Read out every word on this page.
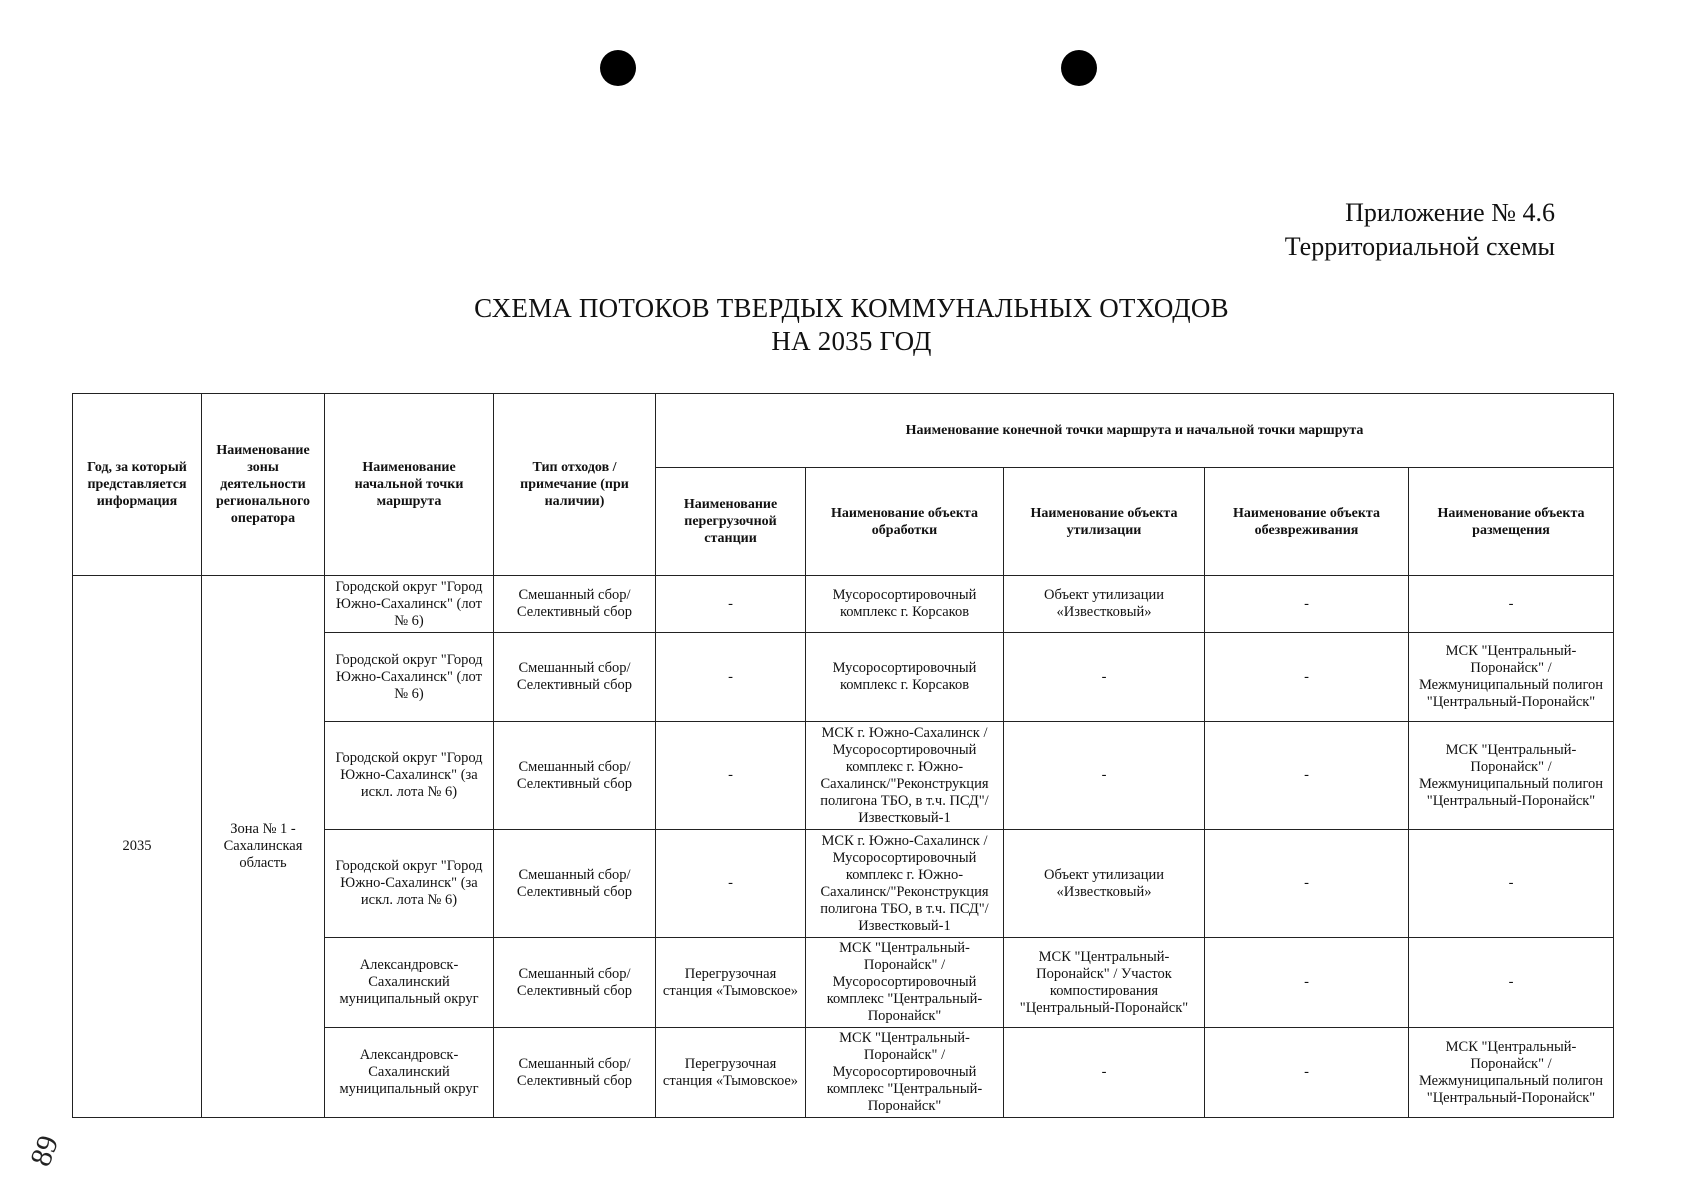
Приложение № 4.6
Территориальной схемы
СХЕМА ПОТОКОВ ТВЕРДЫХ КОММУНАЛЬНЫХ ОТХОДОВ
НА 2035 ГОД
Год, за который представляется информация	Наименование зоны деятельности регионального оператора	Наименование начальной точки маршрута	Тип отходов / примечание (при наличии)	Наименование конечной точки маршрута и начальной точки маршрута				
				Наименование перегрузочной станции	Наименование объекта обработки	Наименование объекта утилизации	Наименование объекта обезвреживания	Наименование объекта размещения
2035	Зона № 1 - Сахалинская область	Городской округ "Город Южно-Сахалинск" (лот № 6)	Смешанный сбор/ Селективный сбор	-	Мусоросортировочный комплекс г. Корсаков	Объект утилизации «Известковый»	-	-
		Городской округ "Город Южно-Сахалинск" (лот № 6)	Смешанный сбор/ Селективный сбор	-	Мусоросортировочный комплекс г. Корсаков	-	-	МСК "Центральный-Поронайск" / Межмуниципальный полигон "Центральный-Поронайск"
		Городской округ "Город Южно-Сахалинск" (за искл. лота № 6)	Смешанный сбор/ Селективный сбор	-	МСК г. Южно-Сахалинск / Мусоросортировочный комплекс г. Южно-Сахалинск/"Реконструкция полигона ТБО, в т.ч. ПСД"/Известковый-1	-	-	МСК "Центральный-Поронайск" / Межмуниципальный полигон "Центральный-Поронайск"
		Городской округ "Город Южно-Сахалинск" (за искл. лота № 6)	Смешанный сбор/ Селективный сбор	-	МСК г. Южно-Сахалинск / Мусоросортировочный комплекс г. Южно-Сахалинск/"Реконструкция полигона ТБО, в т.ч. ПСД"/Известковый-1	Объект утилизации «Известковый»	-	-
		Александровск-Сахалинский муниципальный округ	Смешанный сбор/ Селективный сбор	Перегрузочная станция «Тымовское»	МСК "Центральный-Поронайск" / Мусоросортировочный комплекс "Центральный-Поронайск"	МСК "Центральный-Поронайск" / Участок компостирования "Центральный-Поронайск"	-	-
		Александровск-Сахалинский муниципальный округ	Смешанный сбор/ Селективный сбор	Перегрузочная станция «Тымовское»	МСК "Центральный-Поронайск" / Мусоросортировочный комплекс "Центральный-Поронайск"	-	-	МСК "Центральный-Поронайск" / Межмуниципальный полигон "Центральный-Поронайск"
89
